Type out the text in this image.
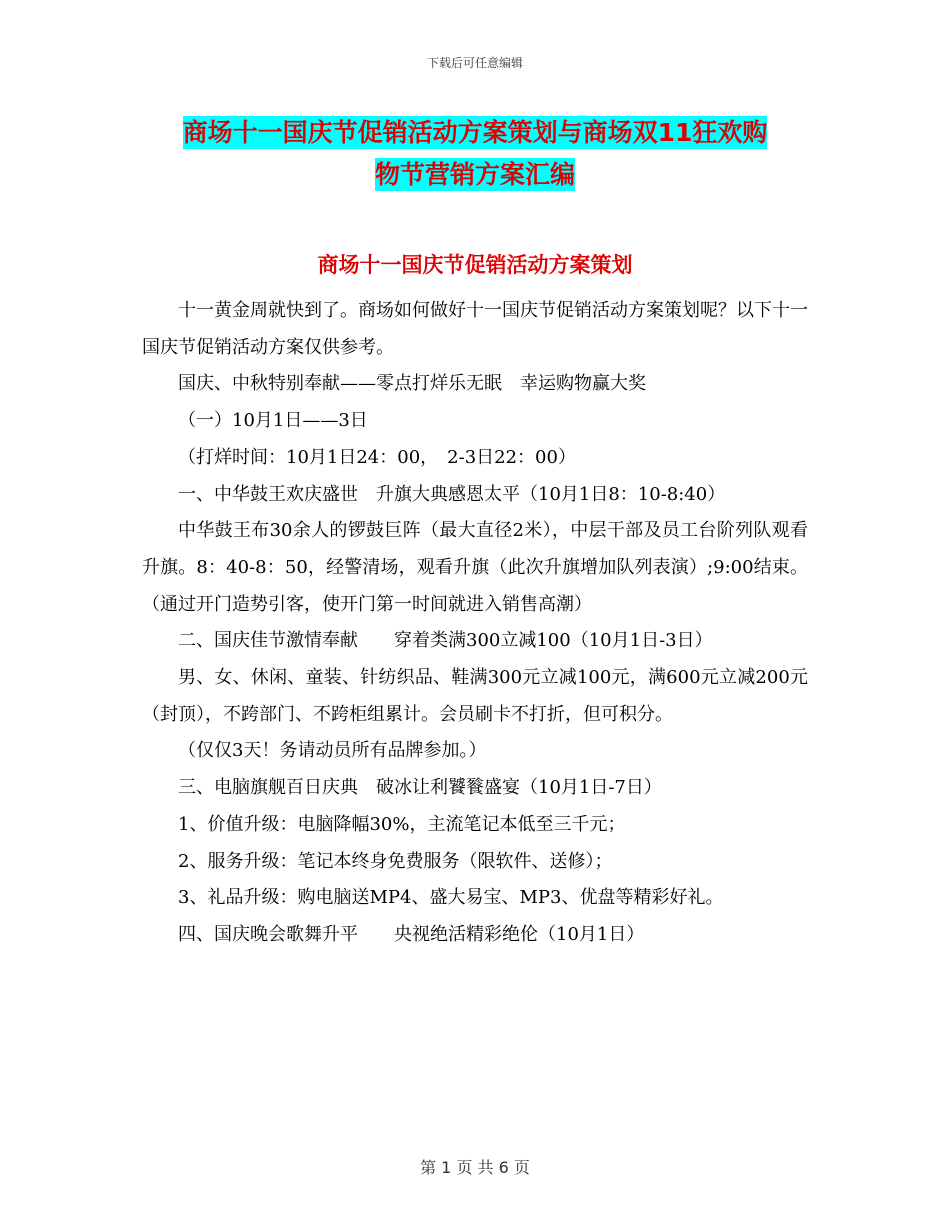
下载后可任意编辑
商场十一国庆节促销活动方案策划与商场双11狂欢购
物节营销方案汇编
商场十一国庆节促销活动方案策划

十一黄金周就快到了。商场如何做好十一国庆节促销活动方案策划呢？以下十一国庆节促销活动方案仅供参考。

国庆、中秋特别奉献——零点打烊乐无眠　幸运购物赢大奖

（一）10月1日——3日

（打烊时间：10月1日24：00，　2-3日22：00）

一、中华鼓王欢庆盛世　升旗大典感恩太平（10月1日8：10-8:40）

中华鼓王布30余人的锣鼓巨阵（最大直径2米），中层干部及员工台阶列队观看升旗。8：40-8：50，经警清场，观看升旗（此次升旗增加队列表演）;9:00结束。（通过开门造势引客，使开门第一时间就进入销售高潮）

二、国庆佳节激情奉献　　穿着类满300立减100（10月1日-3日）

男、女、休闲、童装、针纺织品、鞋满300元立减100元，满600元立减200元（封顶），不跨部门、不跨柜组累计。会员刷卡不打折，但可积分。

（仅仅3天！务请动员所有品牌参加。）

三、电脑旗舰百日庆典　破冰让利饕餮盛宴（10月1日-7日）

1、价值升级：电脑降幅30%，主流笔记本低至三千元；

2、服务升级：笔记本终身免费服务（限软件、送修）；

3、礼品升级：购电脑送MP4、盛大易宝、MP3、优盘等精彩好礼。

四、国庆晚会歌舞升平　　央视绝活精彩绝伦（10月1日）

第 1 页 共 6 页
